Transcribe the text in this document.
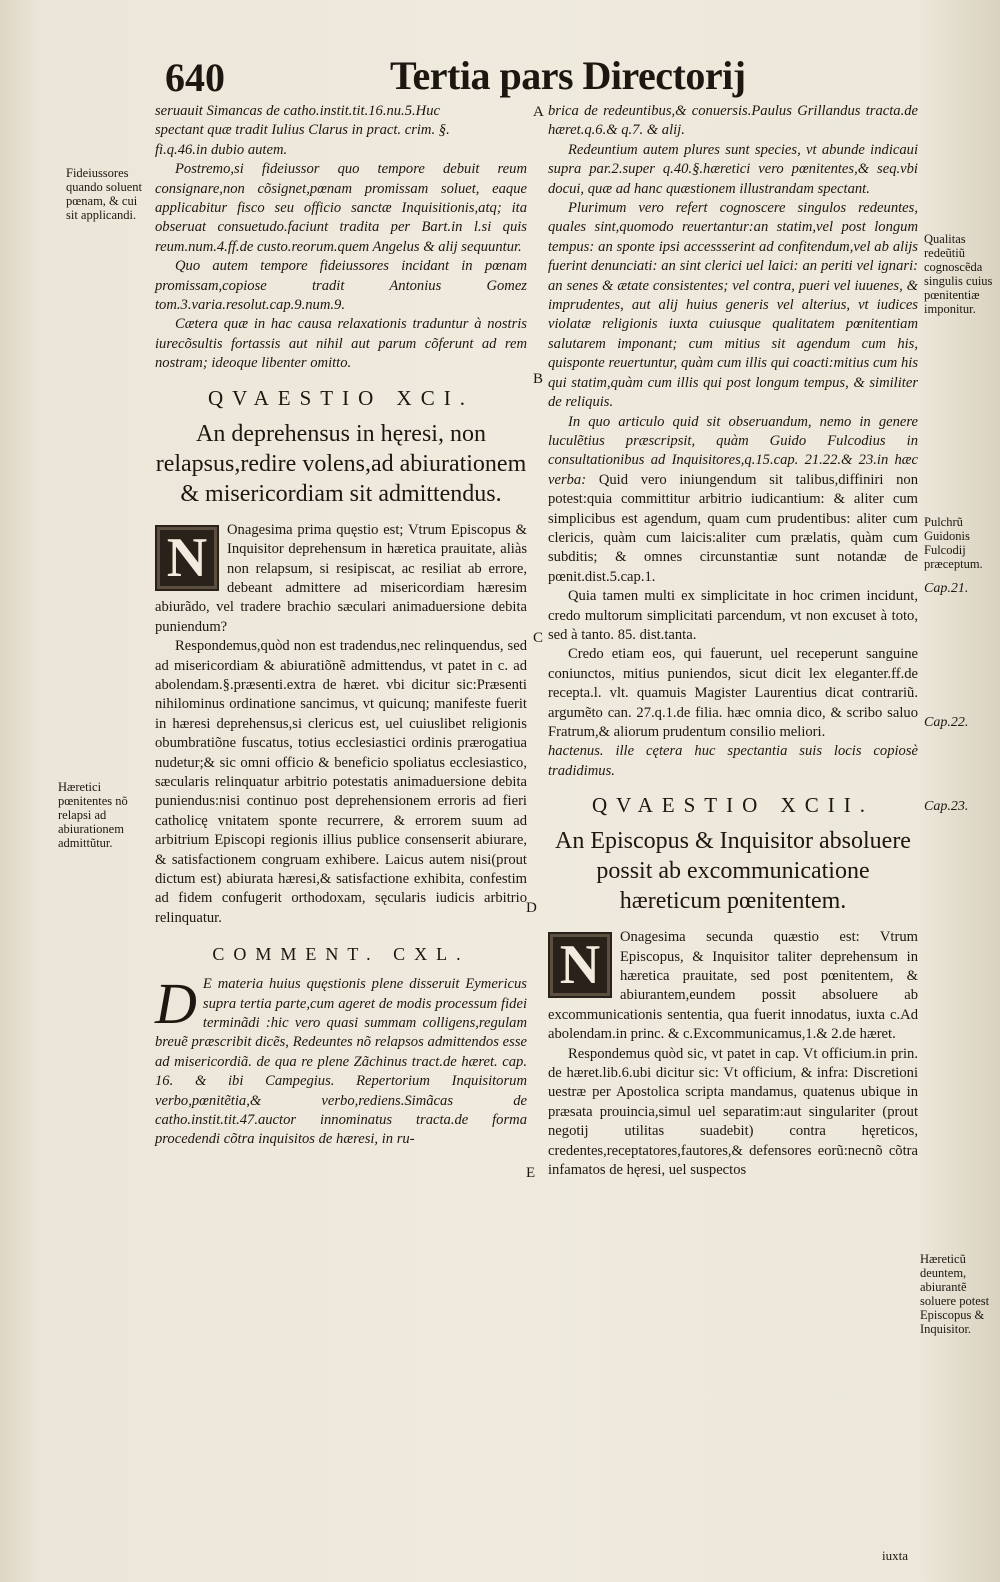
640	Tertia pars Directorij
Fideiussores quando soluent pœnam, & cui sit applicandi.
Hæretici pœnitentes nõ relapsi ad abiurationem admittũtur.

seruauit Simancas de catho.instit.tit.16.nu.5.Huc

spectant quæ tradit Iulius Clarus in pract. crim. §.

fi.q.46.in dubio autem.

Postremo,si fideiussor quo tempore debuit reum consignare,non cõsignet,pœnam promissam soluet, eaque applicabitur fisco seu officio sanctæ Inquisitionis,atq; ita obseruat consuetudo.faciunt tradita per Bart.in l.si quis reum.num.4.ff.de custo.reorum.quem Angelus & alij sequuntur.

Quo autem tempore fideiussores incidant in pœnam promissam,copiose tradit Antonius Gomez tom.3.varia.resolut.cap.9.num.9.

Cætera quæ in hac causa relaxationis traduntur à nostris iurecõsultis fortassis aut nihil aut parum cõferunt ad rem nostram; ideoque libenter omitto.

QVAESTIO XCI.
An deprehensus in hęresi, non relapsus,redire volens,ad abiurationem & misericordiam sit admittendus.
N	Onagesima prima quęstio est; Vtrum Episcopus & Inquisitor deprehensum in hæretica prauitate, aliàs non relapsum, si resipiscat, ac resiliat ab errore, debeant admittere ad misericordiam hæresim abiurãdo, vel tradere brachio sæculari animaduersione debita puniendum?

Respondemus,quòd non est tradendus,nec relinquendus, sed ad misericordiam & abiuratiõnẽ admittendus, vt patet in c. ad abolendam.§.præsenti.extra de hæret. vbi dicitur sic:Præsenti nihilominus ordinatione sancimus, vt quicunq; manifeste fuerit in hæresi deprehensus,si clericus est, uel cuiuslibet religionis obumbratiõne fuscatus, totius ecclesiastici ordinis prærogatiua nudetur;& sic omni officio & beneficio spoliatus ecclesiastico, sæcularis relinquatur arbitrio potestatis animaduersione debita puniendus:nisi continuo post deprehensionem erroris ad fieri catholicę vnitatem sponte recurrere, & errorem suum ad arbitrium Episcopi regionis illius publice consenserit abiurare, & satisfactionem congruam exhibere. Laicus autem nisi(prout dictum est) abiurata hæresi,& satisfactione exhibita, confestim ad fidem confugerit orthodoxam, sęcularis iudicis arbitrio relinquatur.

COMMENT. CXL.
D E materia huius quęstionis plene disseruit Eymericus supra tertia parte,cum ageret de modis processum fidei terminãdi :hic vero quasi summam colligens,regulam breuẽ præscribit dicẽs, Redeuntes nõ relapsos admittendos esse ad misericordiã. de qua re plene Zãchinus tract.de hæret. cap. 16. & ibi Campegius. Repertorium Inquisitorum verbo,pœnitẽtia,& verbo,rediens.Simãcas de catho.instit.tit.47.auctor innominatus tracta.de forma procedendi cõtra inquisitos de hæresi, in ru-
A
B
C
D
E

brica de redeuntibus,& conuersis.Paulus Grillandus tracta.de hæret.q.6.& q.7. & alij.

Redeuntium autem plures sunt species, vt abunde indicaui supra par.2.super q.40.§.hæretici vero pœnitentes,& seq.vbi docui, quæ ad hanc quæstionem illustrandam spectant.

Plurimum vero refert cognoscere singulos redeuntes, quales sint,quomodo reuertantur:an statim,vel post longum tempus: an sponte ipsi accessserint ad confitendum,vel ab alijs fuerint denunciati: an sint clerici uel laici: an periti vel ignari: an senes & ætate consistentes; vel contra, pueri vel iuuenes, & imprudentes, aut alij huius generis vel alterius, vt iudices violatæ religionis iuxta cuiusque qualitatem pœnitentiam salutarem imponant; cum mitius sit agendum cum his, quisponte reuertuntur, quàm cum illis qui coacti:mitius cum his qui statim,quàm cum illis qui post longum tempus, & similiter de reliquis.

In quo articulo quid sit obseruandum, nemo in genere luculẽtius præscripsit, quàm Guido Fulcodius in consultationibus ad Inquisitores,q.15.cap. 21.22.& 23.in hæc verba: Quid vero iniungendum sit talibus,diffiniri non potest:quia committitur arbitrio iudicantium: & aliter cum simplicibus est agendum, quam cum prudentibus: aliter cum clericis, quàm cum laicis:aliter cum prælatis, quàm cum subditis; & omnes circunstantiæ sunt notandæ de pœnit.dist.5.cap.1.

Quia tamen multi ex simplicitate in hoc crimen incidunt, credo multorum simplicitati parcendum, vt non excuset à toto, sed à tanto. 85. dist.tanta.

Credo etiam eos, qui fauerunt, uel receperunt sanguine coniunctos, mitius puniendos, sicut dicit lex eleganter.ff.de recepta.l. vlt. quamuis Magister Laurentius dicat contrariũ. argumẽto can. 27.q.1.de filia. hæc omnia dico, & scribo saluo Fratrum,& aliorum prudentum consilio meliori.

hactenus. ille cętera huc spectantia suis locis copiosè tradidimus.

QVAESTIO XCII.
An Episcopus & Inquisitor absoluere possit ab excommunicatione hæreticum pœnitentem.
N	Onagesima secunda quæstio est: Vtrum Episcopus, & Inquisitor taliter deprehensum in hæretica prauitate, sed post pœnitentem, & abiurantem,eundem possit absoluere ab excommunicationis sententia, qua fuerit innodatus, iuxta c.Ad abolendam.in princ. & c.Excommunicamus,1.& 2.de hæret.

Respondemus quòd sic, vt patet in cap. Vt officium.in prin. de hæret.lib.6.ubi dicitur sic: Vt officium, & infra: Discretioni uestræ per Apostolica scripta mandamus, quatenus ubique in præsata prouincia,simul uel separatim:aut singulariter (prout negotij utilitas suadebit) contra hęreticos, credentes,receptatores,fautores,& defensores eorũ:necnõ cõtra infamatos de hęresi, uel suspectos

iuxta
Qualitas redeũtiũ cognoscẽda singulis cuius pœnitentiæ imponitur.
Pulchrũ Guidonis Fulcodij præceptum.
Cap.21.
Cap.22.
Cap.23.
Hæreticũ deuntem, abiurantẽ soluere potest Episcopus & Inquisitor.
